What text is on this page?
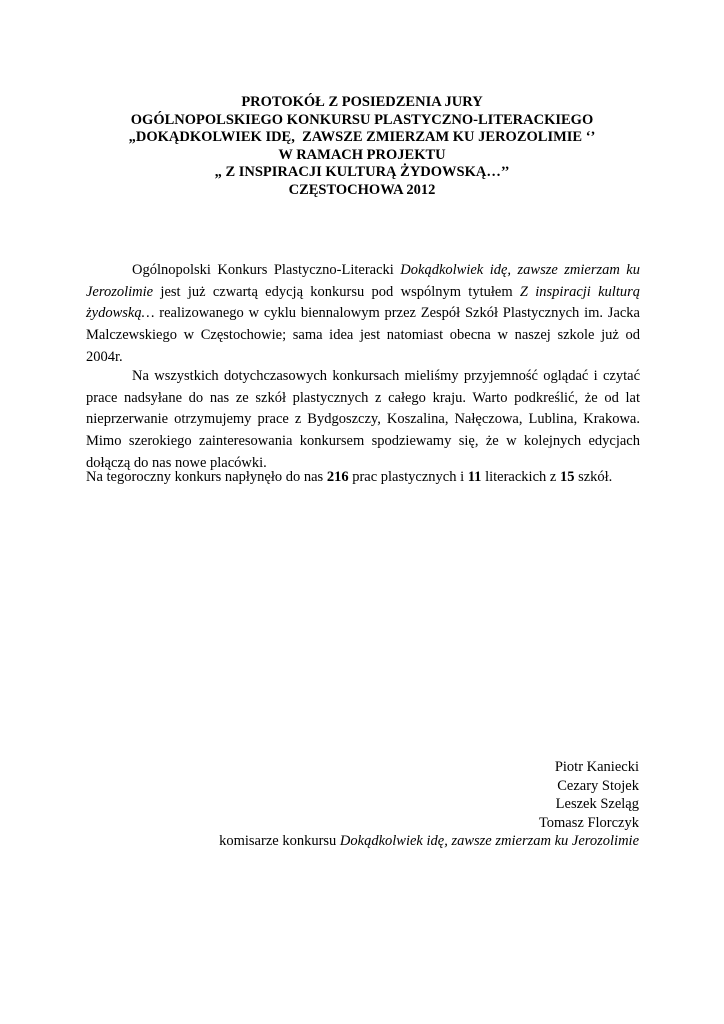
PROTOKÓŁ Z POSIEDZENIA JURY
OGÓLNOPOLSKIEGO KONKURSU PLASTYCZNO-LITERACKIEGO
„DOKĄDKOLWIEK IDĘ,  ZAWSZE ZMIERZAM KU JEROZOLIMIE ‘’
W RAMACH PROJEKTU
„ Z INSPIRACJI KULTURĄ ŻYDOWSKĄ…’’
CZĘSTOCHOWA 2012

Ogólnopolski Konkurs Plastyczno-Literacki Dokądkolwiek idę, zawsze zmierzam ku Jerozolimie jest już czwartą edycją konkursu pod wspólnym tytułem Z inspiracji kulturą żydowską… realizowanego w cyklu biennalowym przez Zespół Szkół Plastycznych im. Jacka Malczewskiego w Częstochowie; sama idea jest natomiast obecna w naszej szkole już od 2004r.

Na wszystkich dotychczasowych konkursach mieliśmy przyjemność oglądać i czytać prace nadsyłane do nas ze szkół plastycznych z całego kraju. Warto podkreślić, że od lat nieprzerwanie otrzymujemy prace z Bydgoszczy, Koszalina, Nałęczowa, Lublina, Krakowa. Mimo szerokiego zainteresowania konkursem spodziewamy się, że w kolejnych edycjach dołączą do nas nowe placówki.

Na tegoroczny konkurs napłynęło do nas 216 prac plastycznych i 11 literackich z 15 szkół.

Piotr Kaniecki
Cezary Stojek
Leszek Szeląg
Tomasz Florczyk
komisarze konkursu Dokądkolwiek idę, zawsze zmierzam ku Jerozolimie
